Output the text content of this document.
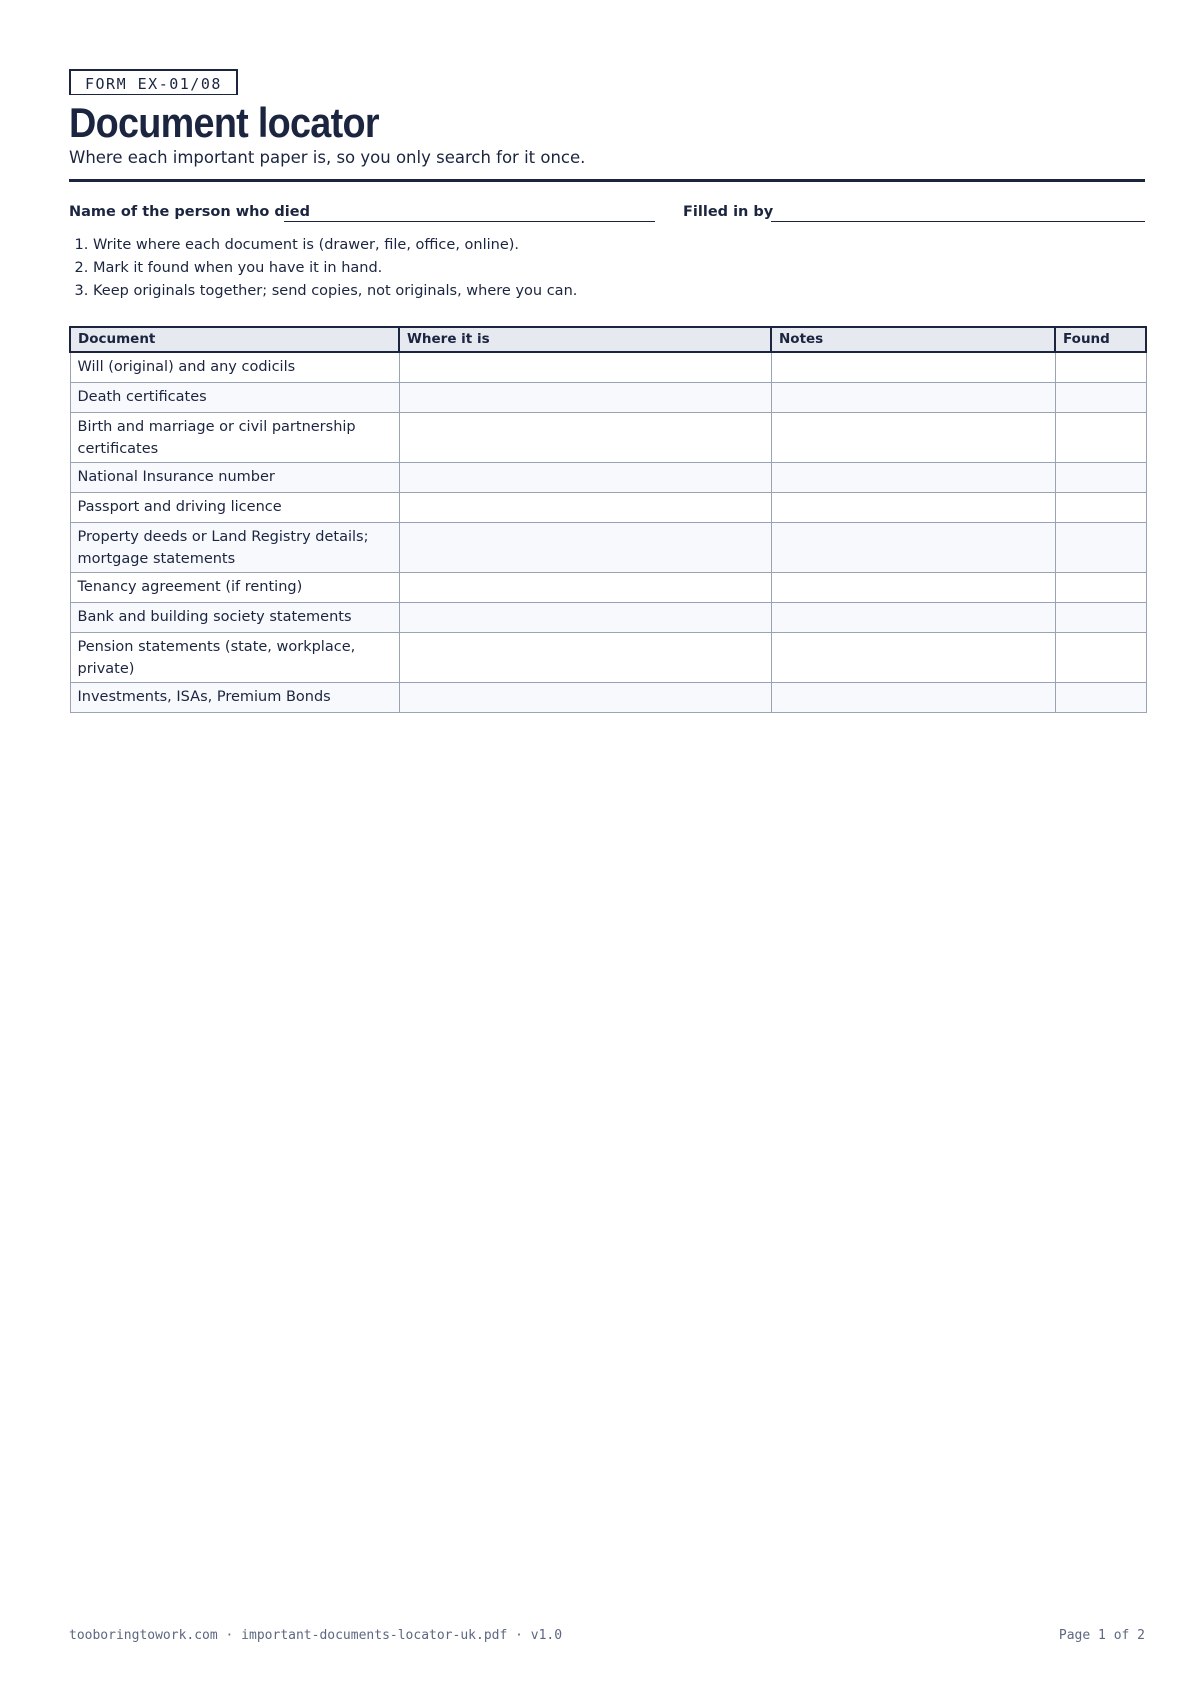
FORM EX-01/08
Document locator
Where each important paper is, so you only search for it once.
Name of the person who died	Filled in by
1. Write where each document is (drawer, file, office, online).
2. Mark it found when you have it in hand.
3. Keep originals together; send copies, not originals, where you can.
Document	Where it is	Notes	Found
Will (original) and any codicils			
Death certificates			
Birth and marriage or civil partnership certificates			
National Insurance number			
Passport and driving licence			
Property deeds or Land Registry details; mortgage statements			
Tenancy agreement (if renting)			
Bank and building society statements			
Pension statements (state, workplace, private)			
Investments, ISAs, Premium Bonds			
tooboringtowork.com · important-documents-locator-uk.pdf · v1.0	Page 1 of 2
